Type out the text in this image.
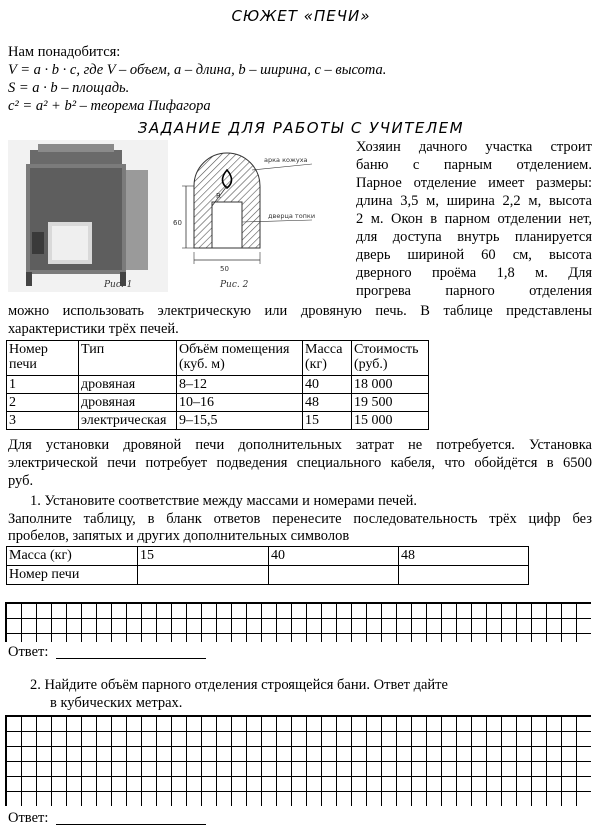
СЮЖЕТ «ПЕЧИ»
Нам понадобится:
V = a · b · c, где V – объем, a – длина, b – ширина, c – высота.
S = a · b – площадь.
c² = a² + b² – теорема Пифагора
ЗАДАНИЕ ДЛЯ РАБОТЫ С УЧИТЕЛЕМ
Рис. 1
R
60
50
арка кожуха
дверца топки
Рис. 2
Хозяин дачного участка строит
баню с парным отделением.
Парное отделение имеет размеры:
длина 3,5 м, ширина 2,2 м, высота
2 м. Окон в парном отделении нет,
для доступа внутрь планируется
дверь шириной 60 см, высота
дверного проёма 1,8 м. Для
прогрева парного отделения
можно использовать электрическую или дровяную печь. В таблице представлены
характеристики трёх печей.
Номер печи	Тип	Объём помещения (куб. м)	Масса (кг)	Стоимость (руб.)
1	дровяная	8–12	40	18 000
2	дровяная	10–16	48	19 500
3	электрическая	9–15,5	15	15 000
Для установки дровяной печи дополнительных затрат не потребуется. Установка
электрической печи потребует подведения специального кабеля, что обойдётся в 6500
руб.
1. Установите соответствие между массами и номерами печей.
Заполните таблицу, в бланк ответов перенесите последовательность трёх цифр без
пробелов, запятых и других дополнительных символов
Масса (кг)	15	40	48
Номер печи			
Ответ:
2. Найдите объём парного отделения строящейся бани. Ответ дайте
в кубических метрах.
Ответ:
